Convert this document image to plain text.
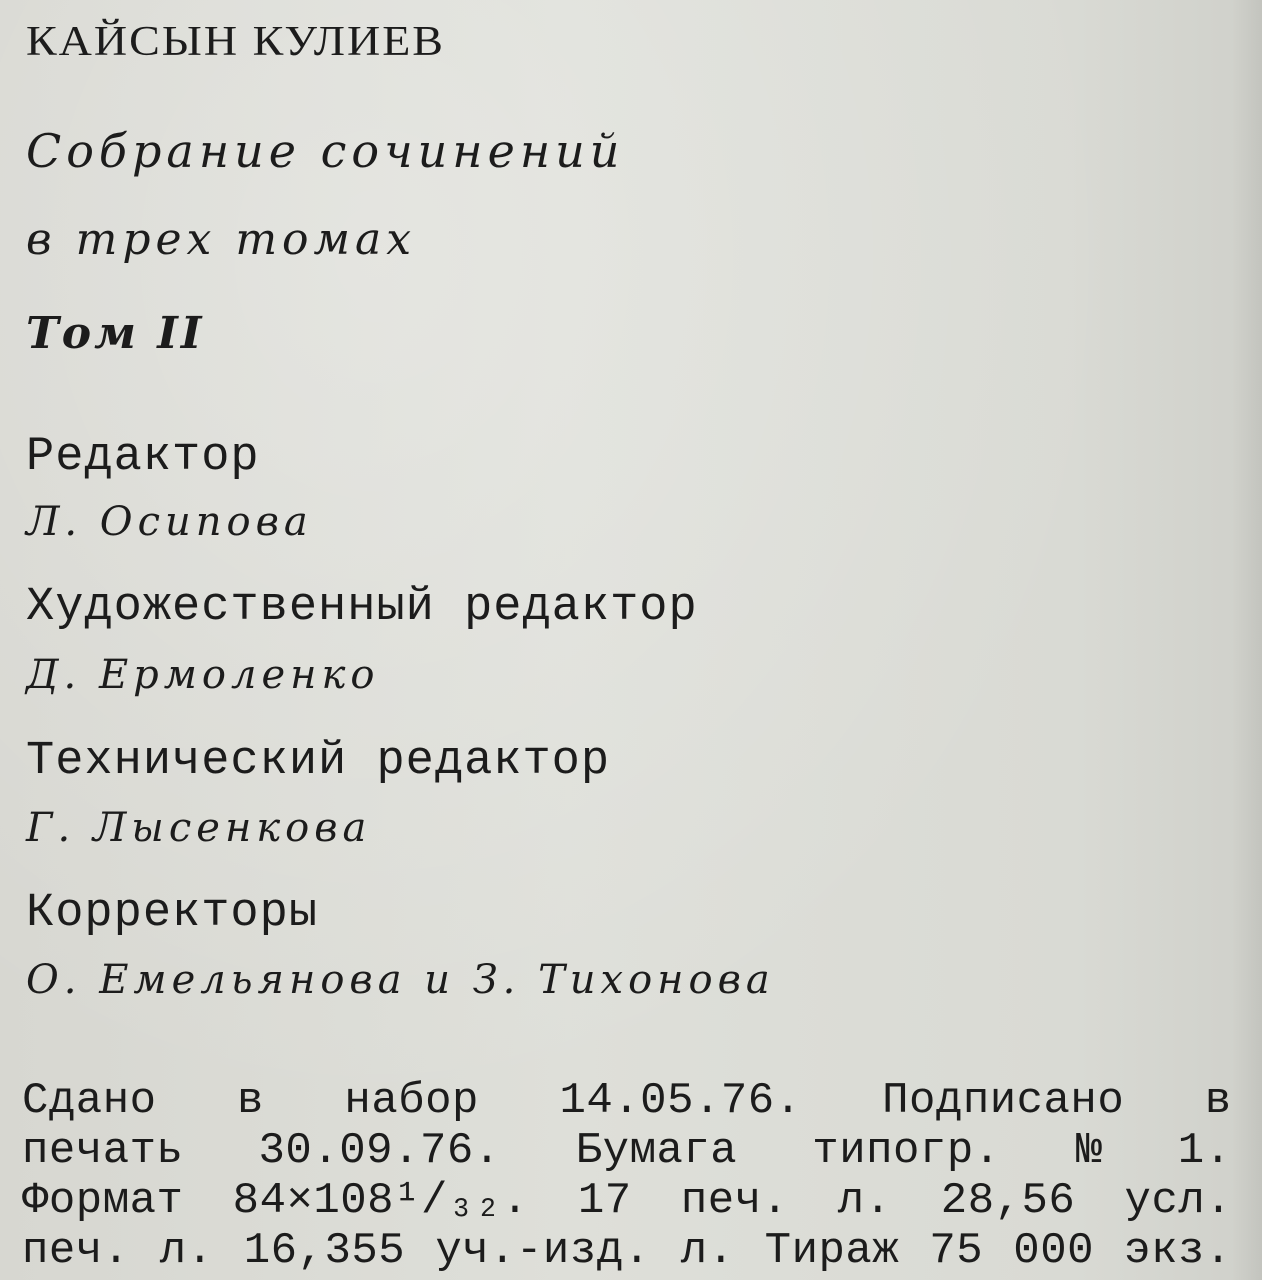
КАЙСЫН КУЛИЕВ
Собрание сочинений
в трех томах
Том II
Редактор
Л. Осипова
Художественный редактор
Д. Ермоленко
Технический редактор
Г. Лысенкова
Корректоры
О. Емельянова и З. Тихонова
Сдано в набор 14.05.76. Подписано в
печать 30.09.76. Бумага типогр. № 1.
Формат 84×108¹/₃₂. 17 печ. л. 28,56 усл.
печ. л. 16,355 уч.-изд. л. Тираж 75 000 экз.
